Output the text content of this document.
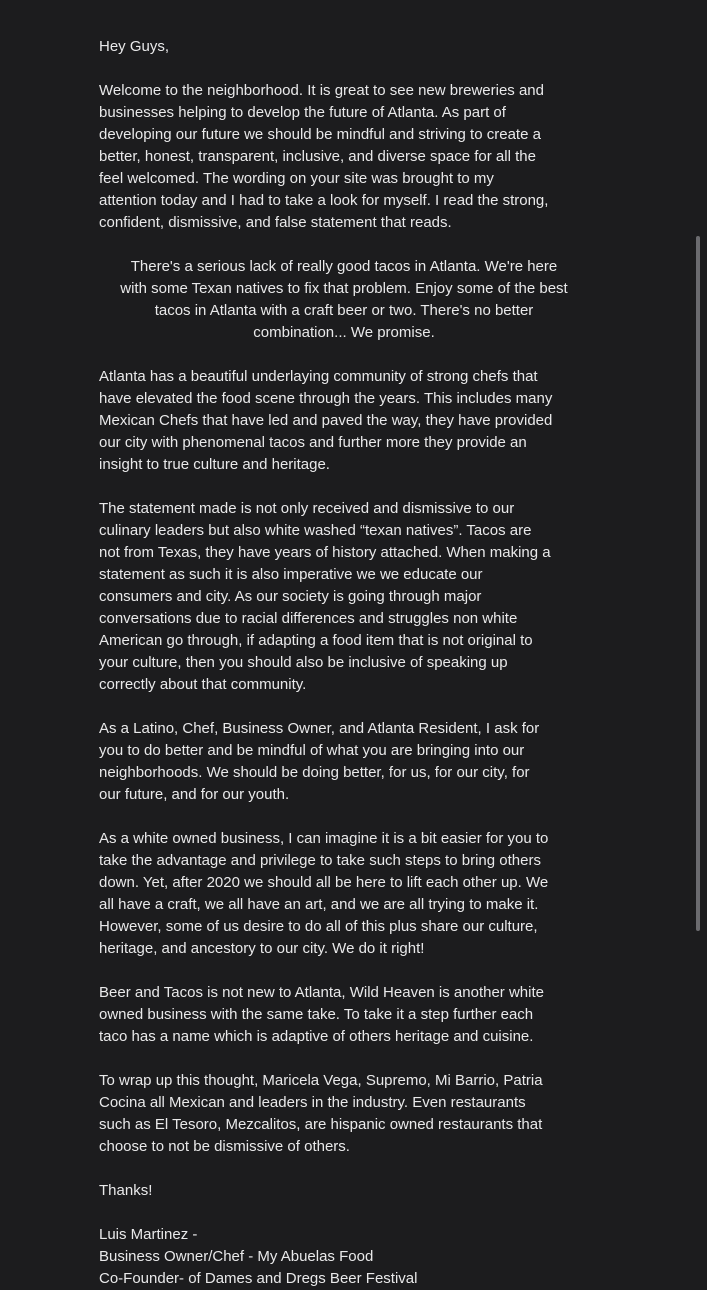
Hey Guys,

Welcome to the neighborhood. It is great to see new breweries and
businesses helping to develop the future of Atlanta. As part of
developing our future we should be mindful and striving to create a
better, honest, transparent, inclusive, and diverse space for all the
feel welcomed. The wording on your site was brought to my
attention today and I had to take a look for myself. I read the strong,
confident, dismissive, and false statement that reads.

There's a serious lack of really good tacos in Atlanta. We're here
with some Texan natives to fix that problem. Enjoy some of the best
tacos in Atlanta with a craft beer or two. There's no better
combination... We promise.

Atlanta has a beautiful underlaying community of strong chefs that
have elevated the food scene through the years. This includes many
Mexican Chefs that have led and paved the way, they have provided
our city with phenomenal tacos and further more they provide an
insight to true culture and heritage.

The statement made is not only received and dismissive to our
culinary leaders but also white washed “texan natives”. Tacos are
not from Texas, they have years of history attached. When making a
statement as such it is also imperative we we educate our
consumers and city. As our society is going through major
conversations due to racial differences and struggles non white
American go through, if adapting a food item that is not original to
your culture, then you should also be inclusive of speaking up
correctly about that community.

As a Latino, Chef, Business Owner, and Atlanta Resident, I ask for
you to do better and be mindful of what you are bringing into our
neighborhoods. We should be doing better, for us, for our city, for
our future, and for our youth.

As a white owned business, I can imagine it is a bit easier for you to
take the advantage and privilege to take such steps to bring others
down. Yet, after 2020 we should all be here to lift each other up. We
all have a craft, we all have an art, and we are all trying to make it.
However, some of us desire to do all of this plus share our culture,
heritage, and ancestory to our city. We do it right!

Beer and Tacos is not new to Atlanta, Wild Heaven is another white
owned business with the same take. To take it a step further each
taco has a name which is adaptive of others heritage and cuisine.

To wrap up this thought, Maricela Vega, Supremo, Mi Barrio, Patria
Cocina all Mexican and leaders in the industry. Even restaurants
such as El Tesoro, Mezcalitos, are hispanic owned restaurants that
choose to not be dismissive of others.

Thanks!

Luis Martinez -
Business Owner/Chef - My Abuelas Food
Co-Founder- of Dames and Dregs Beer Festival
